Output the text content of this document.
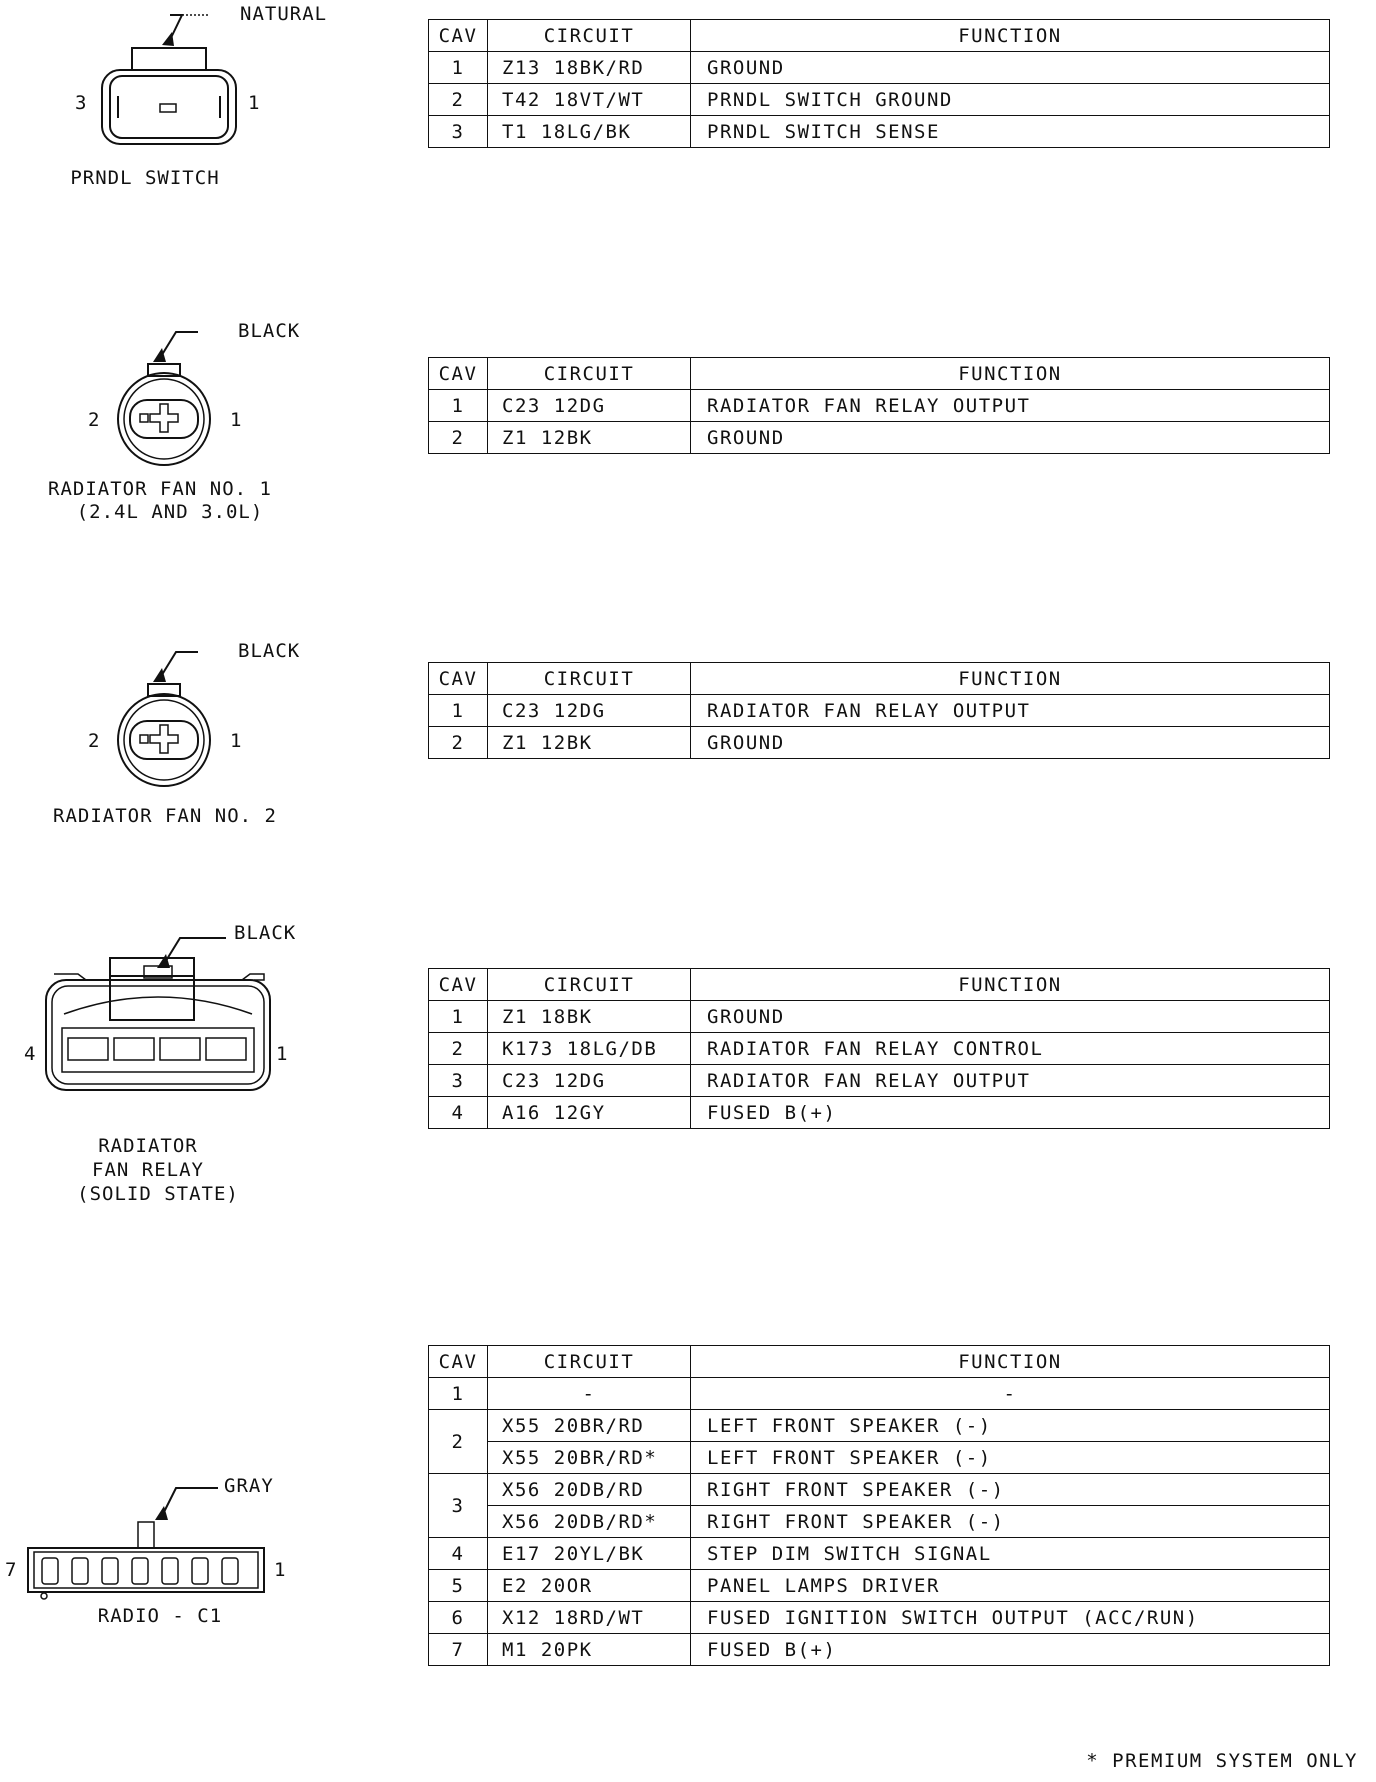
NATURAL
3	1
PRNDL SWITCH
CAV	CIRCUIT	FUNCTION
1	Z13 18BK/RD	GROUND
2	T42 18VT/WT	PRNDL SWITCH GROUND
3	T1 18LG/BK	PRNDL SWITCH SENSE
BLACK
2	1
RADIATOR FAN NO. 1
(2.4L AND 3.0L)
CAV	CIRCUIT	FUNCTION
1	C23 12DG	RADIATOR FAN RELAY OUTPUT
2	Z1 12BK	GROUND
BLACK
2	1
RADIATOR FAN NO. 2
CAV	CIRCUIT	FUNCTION
1	C23 12DG	RADIATOR FAN RELAY OUTPUT
2	Z1 12BK	GROUND
BLACK
4	1
RADIATOR
FAN RELAY
(SOLID STATE)
CAV	CIRCUIT	FUNCTION
1	Z1 18BK	GROUND
2	K173 18LG/DB	RADIATOR FAN RELAY CONTROL
3	C23 12DG	RADIATOR FAN RELAY OUTPUT
4	A16 12GY	FUSED B(+)
GRAY
7	1
RADIO - C1
CAV	CIRCUIT	FUNCTION
1	-	-
2	X55 20BR/RD	LEFT FRONT SPEAKER (-)
	X55 20BR/RD*	LEFT FRONT SPEAKER (-)
3	X56 20DB/RD	RIGHT FRONT SPEAKER (-)
	X56 20DB/RD*	RIGHT FRONT SPEAKER (-)
4	E17 20YL/BK	STEP DIM SWITCH SIGNAL
5	E2 20OR	PANEL LAMPS DRIVER
6	X12 18RD/WT	FUSED IGNITION SWITCH OUTPUT (ACC/RUN)
7	M1 20PK	FUSED B(+)
* PREMIUM SYSTEM ONLY
